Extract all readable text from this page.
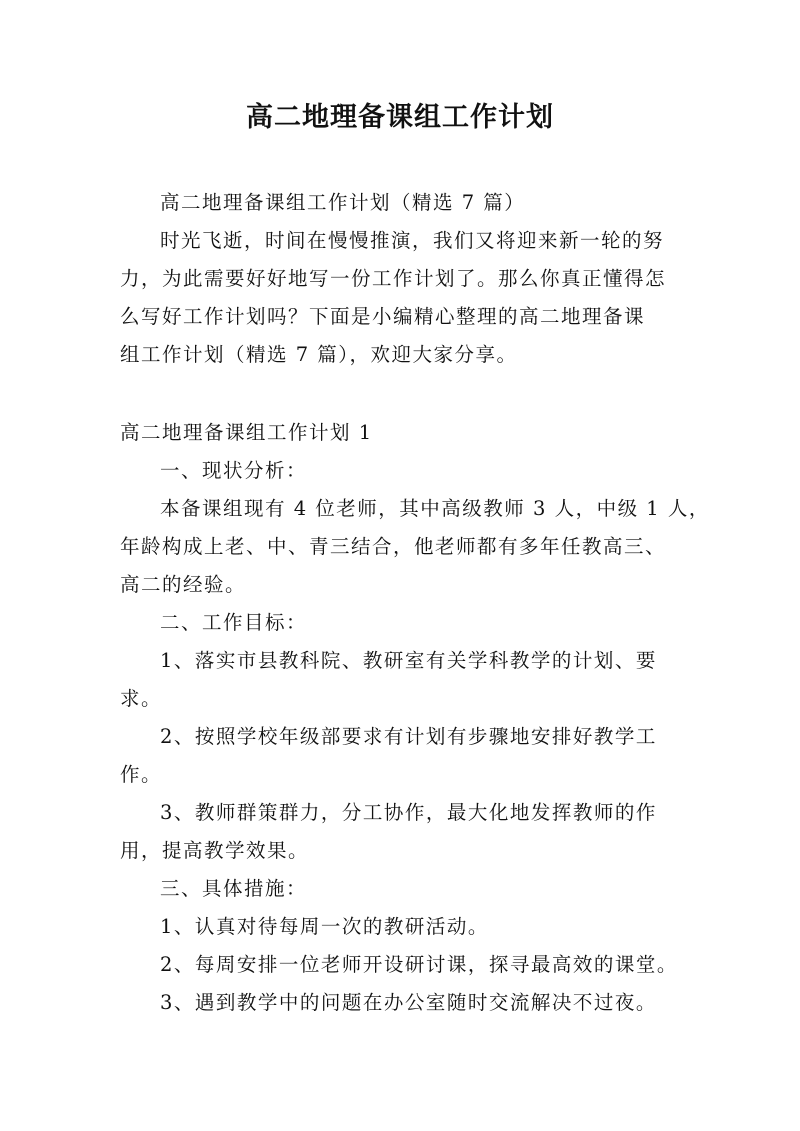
高二地理备课组工作计划
高二地理备课组工作计划（精选 7 篇）
时光飞逝，时间在慢慢推演，我们又将迎来新一轮的努
力，为此需要好好地写一份工作计划了。那么你真正懂得怎
么写好工作计划吗？下面是小编精心整理的高二地理备课
组工作计划（精选 7 篇），欢迎大家分享。
高二地理备课组工作计划 1
一、现状分析：
本备课组现有 4 位老师，其中高级教师 3 人，中级 1 人，
年龄构成上老、中、青三结合，他老师都有多年任教高三、
高二的经验。
二、工作目标：
1、落实市县教科院、教研室有关学科教学的计划、要
求。
2、按照学校年级部要求有计划有步骤地安排好教学工
作。
3、教师群策群力，分工协作，最大化地发挥教师的作
用，提高教学效果。
三、具体措施：
1、认真对待每周一次的教研活动。
2、每周安排一位老师开设研讨课，探寻最高效的课堂。
3、遇到教学中的问题在办公室随时交流解决不过夜。
